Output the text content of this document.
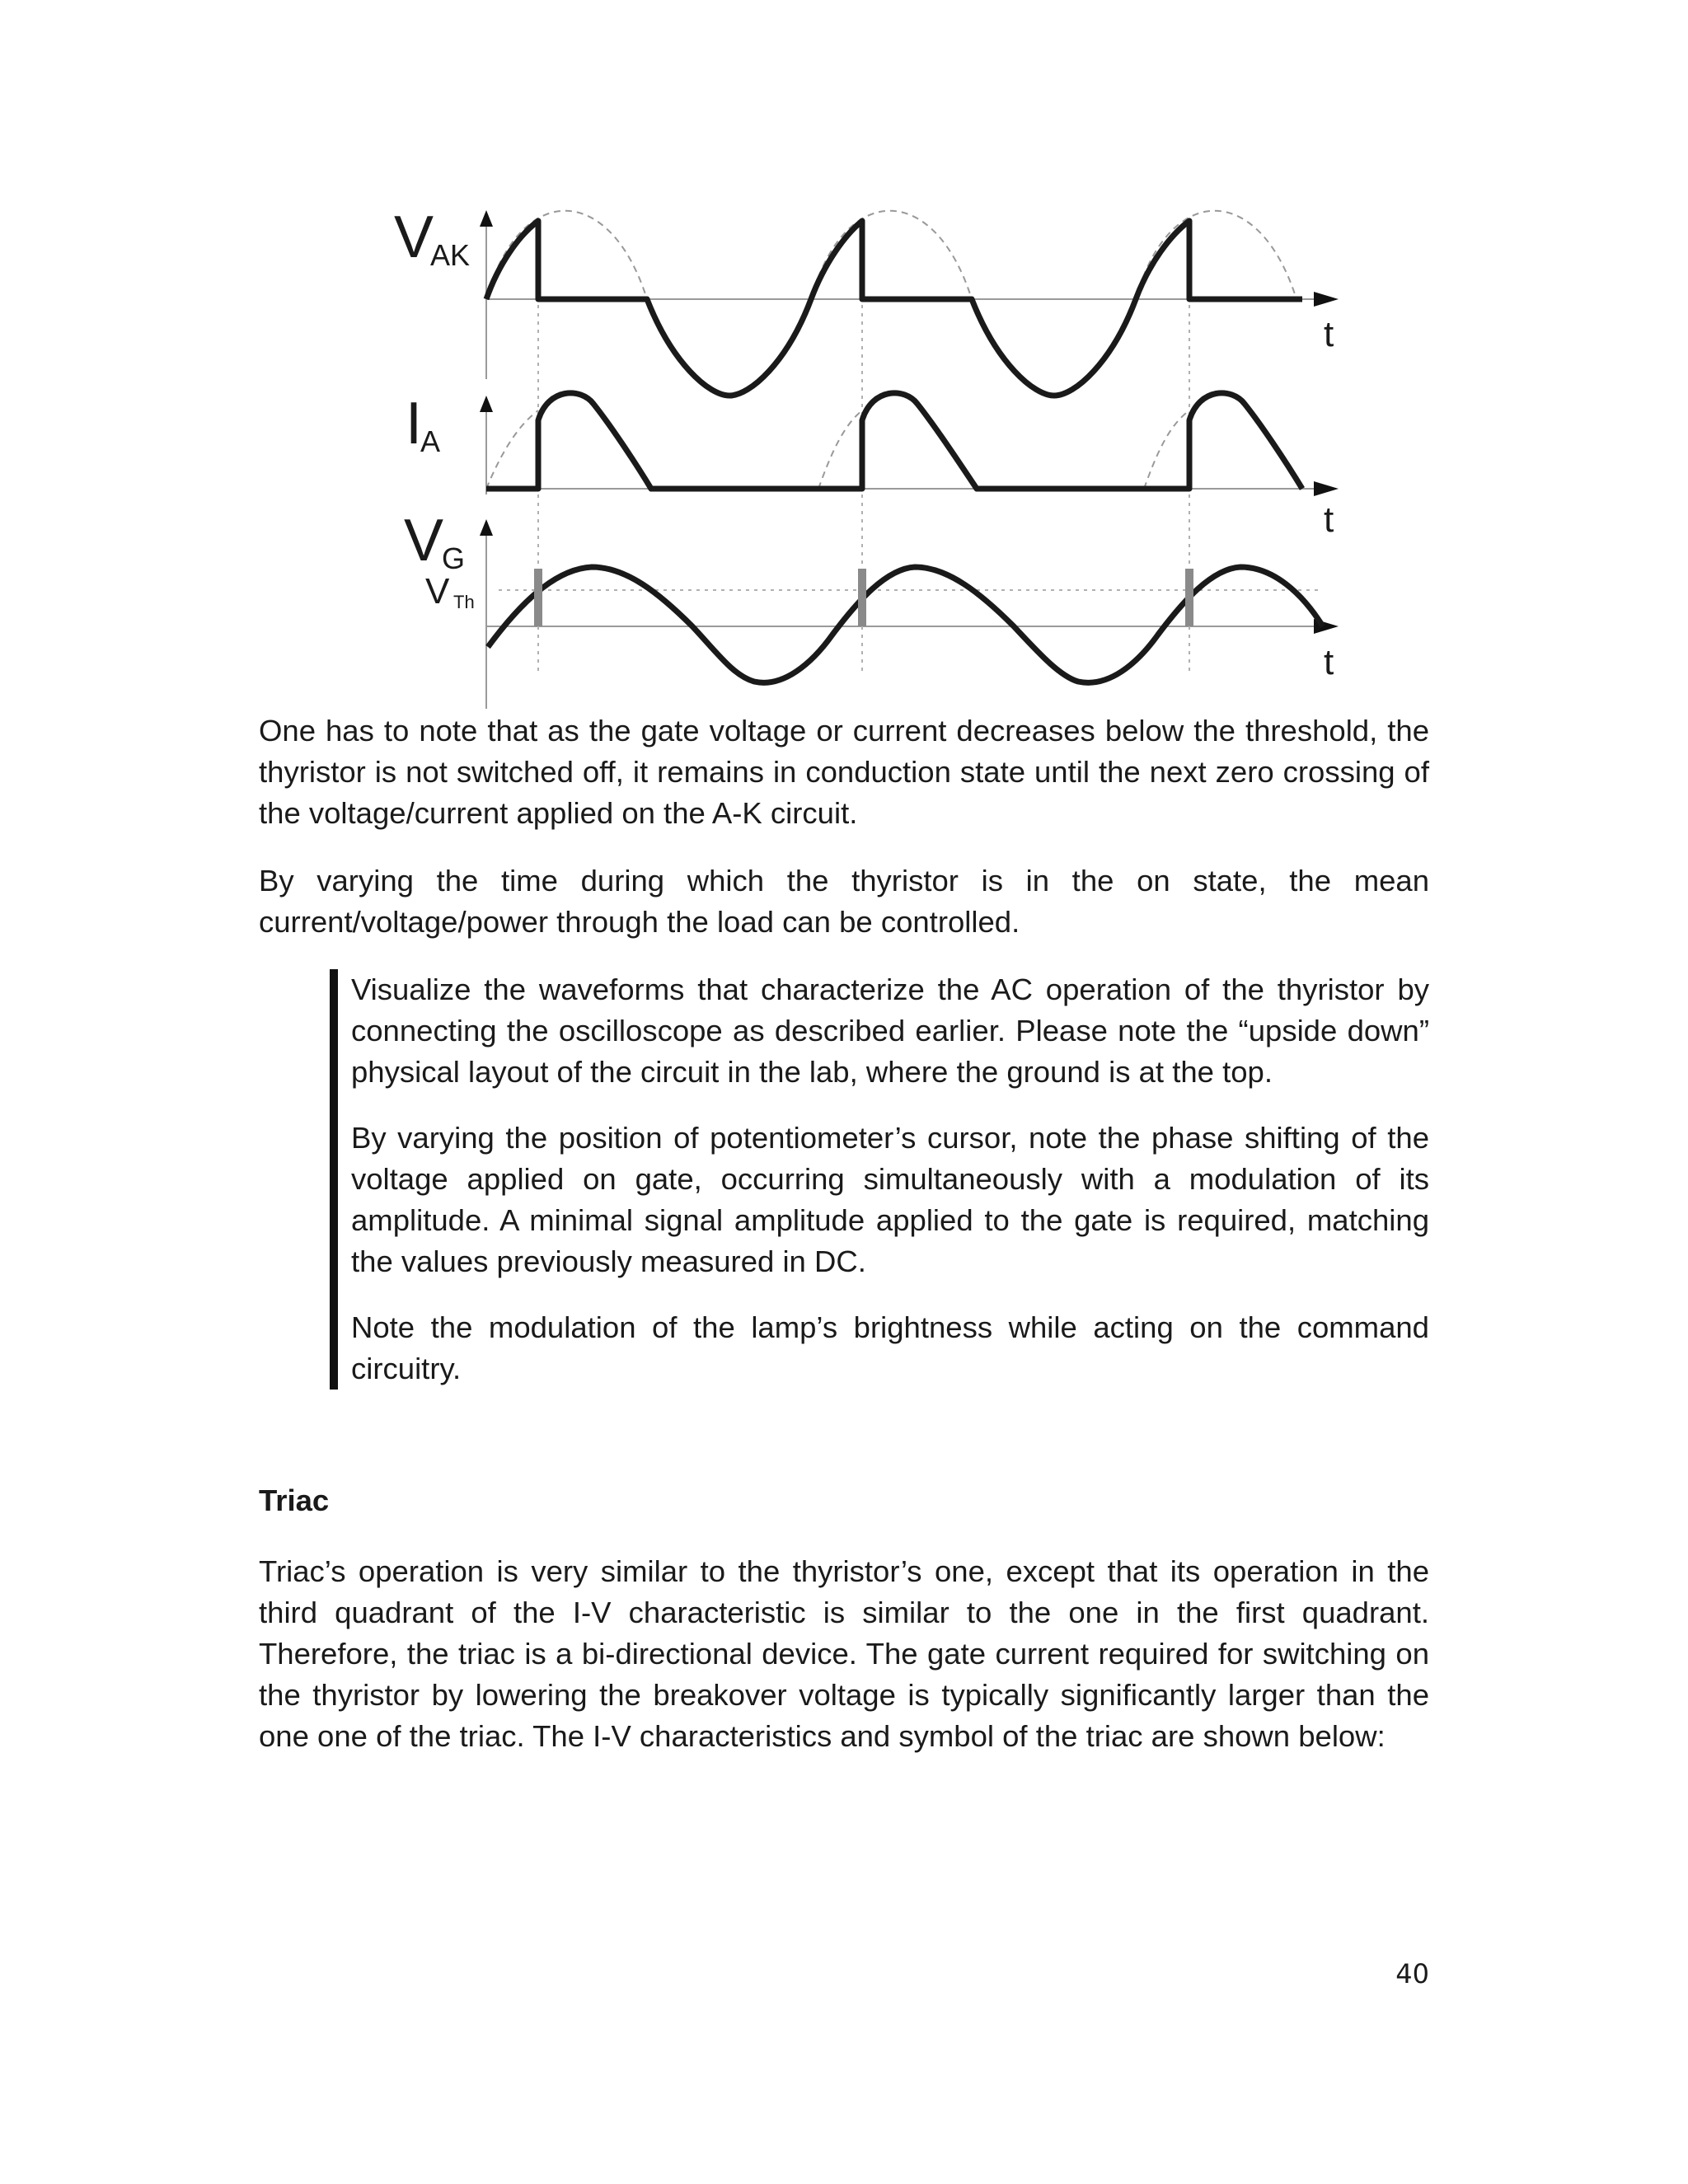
V
AK
I
A
V
G
V Th
t
t
t

One has to note that as the gate voltage or current decreases below the threshold, the thyristor is not switched off, it remains in conduction state until the next zero crossing of the voltage/current applied on the A-K circuit.

By varying the time during which the thyristor is in the on state, the mean current/voltage/power through the load can be controlled.

Visualize the waveforms that characterize the AC operation of the thyristor by connecting the oscilloscope as described earlier. Please note the “upside down” physical layout of the circuit in the lab, where the ground is at the top.

By varying the position of potentiometer’s cursor, note the phase shifting of the voltage applied on gate, occurring simultaneously with a modulation of its amplitude. A minimal signal amplitude applied to the gate is required, matching the values previously measured in DC.

Note the modulation of the lamp’s brightness while acting on the command circuitry.

Triac

Triac’s operation is very similar to the thyristor’s one, except that its operation in the third quadrant of the I-V characteristic is similar to the one in the first quadrant. Therefore, the triac is a bi-directional device. The gate current required for switching on the thyristor by lowering the breakover voltage is typically significantly larger than the one one of the triac. The I-V characteristics and symbol of the triac are shown below:

40
